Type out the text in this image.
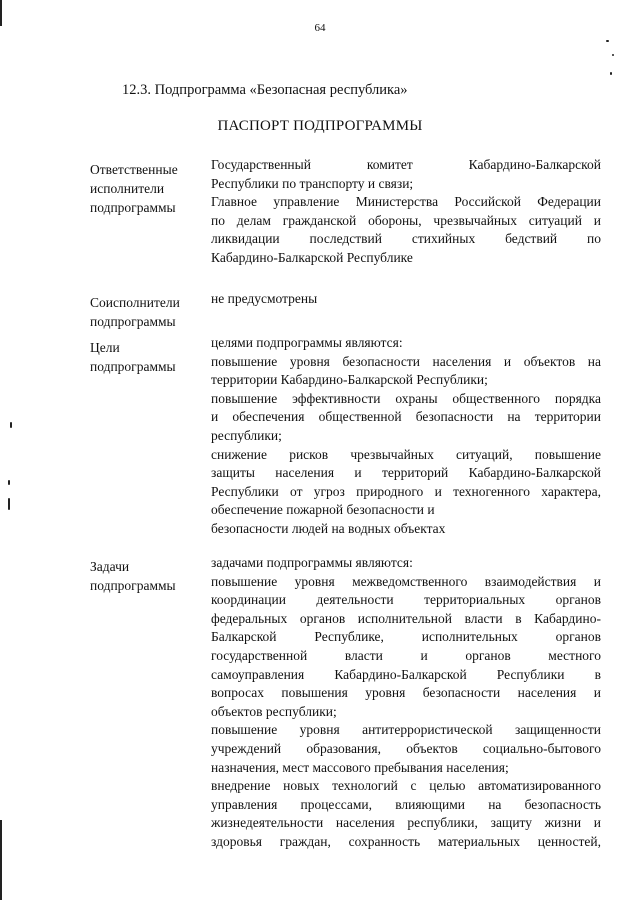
64
12.3. Подпрограмма «Безопасная республика»
ПАСПОРТ ПОДПРОГРАММЫ
Ответственные
исполнители
подпрограммы
Государственный комитет Кабардино-Балкарской
Республики по транспорту и связи;
Главное управление Министерства Российской Федерации
по делам гражданской обороны, чрезвычайных ситуаций и
ликвидации последствий стихийных бедствий по
Кабардино-Балкарской Республике
Соисполнители
подпрограммы
не предусмотрены
Цели
подпрограммы
целями подпрограммы являются:
повышение уровня безопасности населения и объектов на
территории Кабардино-Балкарской Республики;
повышение эффективности охраны общественного порядка
и обеспечения общественной безопасности на территории
республики;
снижение рисков чрезвычайных ситуаций, повышение
защиты населения и территорий Кабардино-Балкарской
Республики от угроз природного и техногенного характера,
обеспечение пожарной безопасности и
безопасности людей на водных объектах
Задачи
подпрограммы
задачами подпрограммы являются:
повышение уровня межведомственного взаимодействия и
координации деятельности территориальных органов
федеральных органов исполнительной власти в Кабардино-
Балкарской Республике, исполнительных органов
государственной власти и органов местного
самоуправления Кабардино-Балкарской Республики в
вопросах повышения уровня безопасности населения и
объектов республики;
повышение уровня антитеррористической защищенности
учреждений образования, объектов социально-бытового
назначения, мест массового пребывания населения;
внедрение новых технологий с целью автоматизированного
управления процессами, влияющими на безопасность
жизнедеятельности населения республики, защиту жизни и
здоровья граждан, сохранность материальных ценностей,
